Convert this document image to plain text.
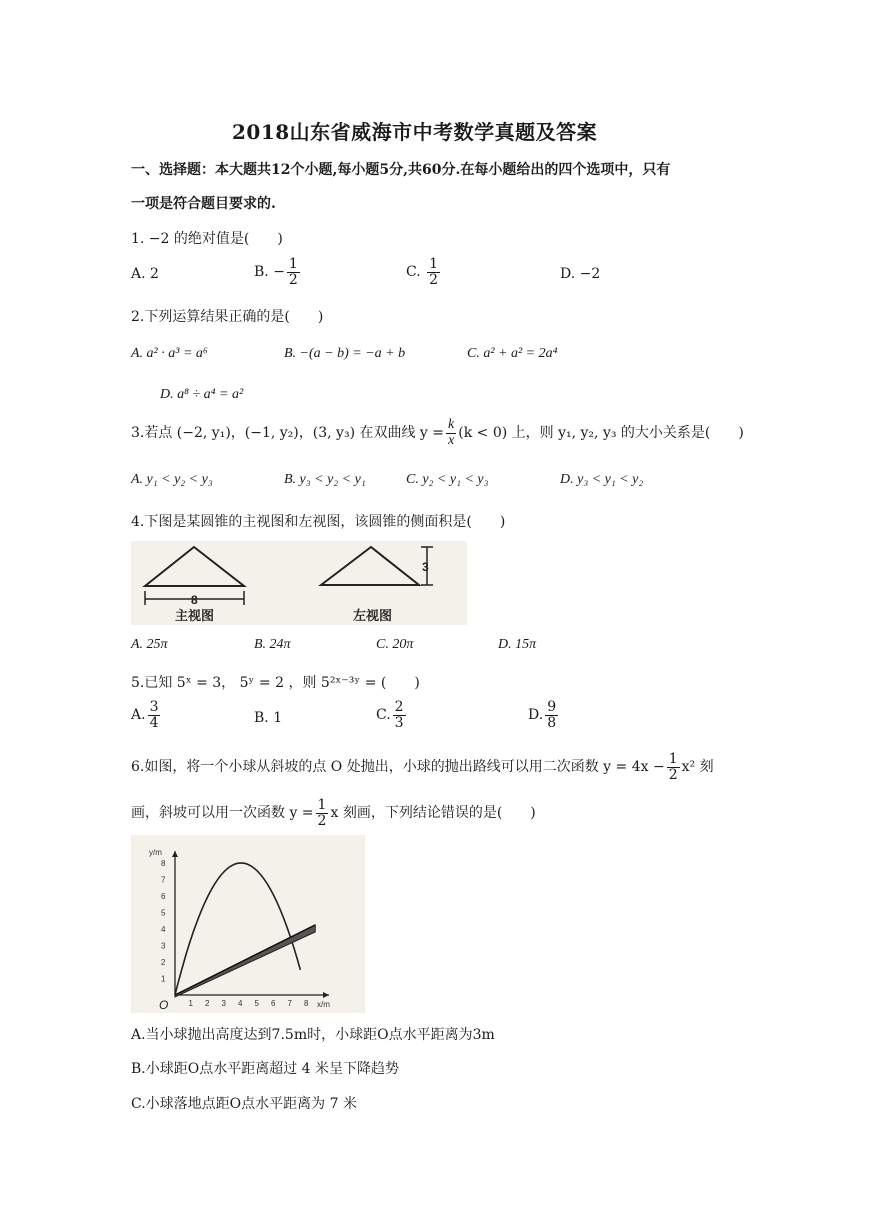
2018山东省威海市中考数学真题及答案
一、选择题：本大题共12个小题,每小题5分,共60分.在每小题给出的四个选项中，只有
一项是符合题目要求的.
1. −2 的绝对值是(　　)
A. 2	B. − $\frac{1}{2}$	C. $\frac{1}{2}$	D. −2
2.下列运算结果正确的是(　　)
A. a² · a³ = a⁶	B. −(a − b) = −a + b	C. a² + a² = 2a⁴
D. a⁸ ÷ a⁴ = a²
3.若点 (−2, y₁)，(−1, y₂)，(3, y₃) 在双曲线 $y = \frac{k}{x} (k < 0)$ 上，则 y₁, y₂, y₃ 的大小关系是(　　)
A. y₁ < y₂ < y₃	B. y₃ < y₂ < y₁	C. y₂ < y₁ < y₃	D. y₃ < y₁ < y₂
4.下图是某圆锥的主视图和左视图，该圆锥的侧面积是(　　)
8
主视图
3
左视图
A. 25π	B. 24π	C. 20π	D. 15π
5.已知 5ˣ = 3， 5ʸ = 2 ，则 5²ˣ⁻³ʸ = (　　)
A. $\frac{3}{4}$	B. 1	C. $\frac{2}{3}$	D. $\frac{9}{8}$
6.如图，将一个小球从斜坡的点 O 处抛出，小球的抛出路线可以用二次函数 $y = 4x - \frac{1}{2} x^2$ 刻
画，斜坡可以用一次函数 $y = \frac{1}{2}$ x 刻画，下列结论错误的是(　　)
1 2 3 4 5 6 7 8
1
2
3
4
5
6
7
8
x/m
y/m
O
A.当小球抛出高度达到7.5m时，小球距O点水平距离为3m
B.小球距O点水平距离超过 4 米呈下降趋势
C.小球落地点距O点水平距离为 7 米
